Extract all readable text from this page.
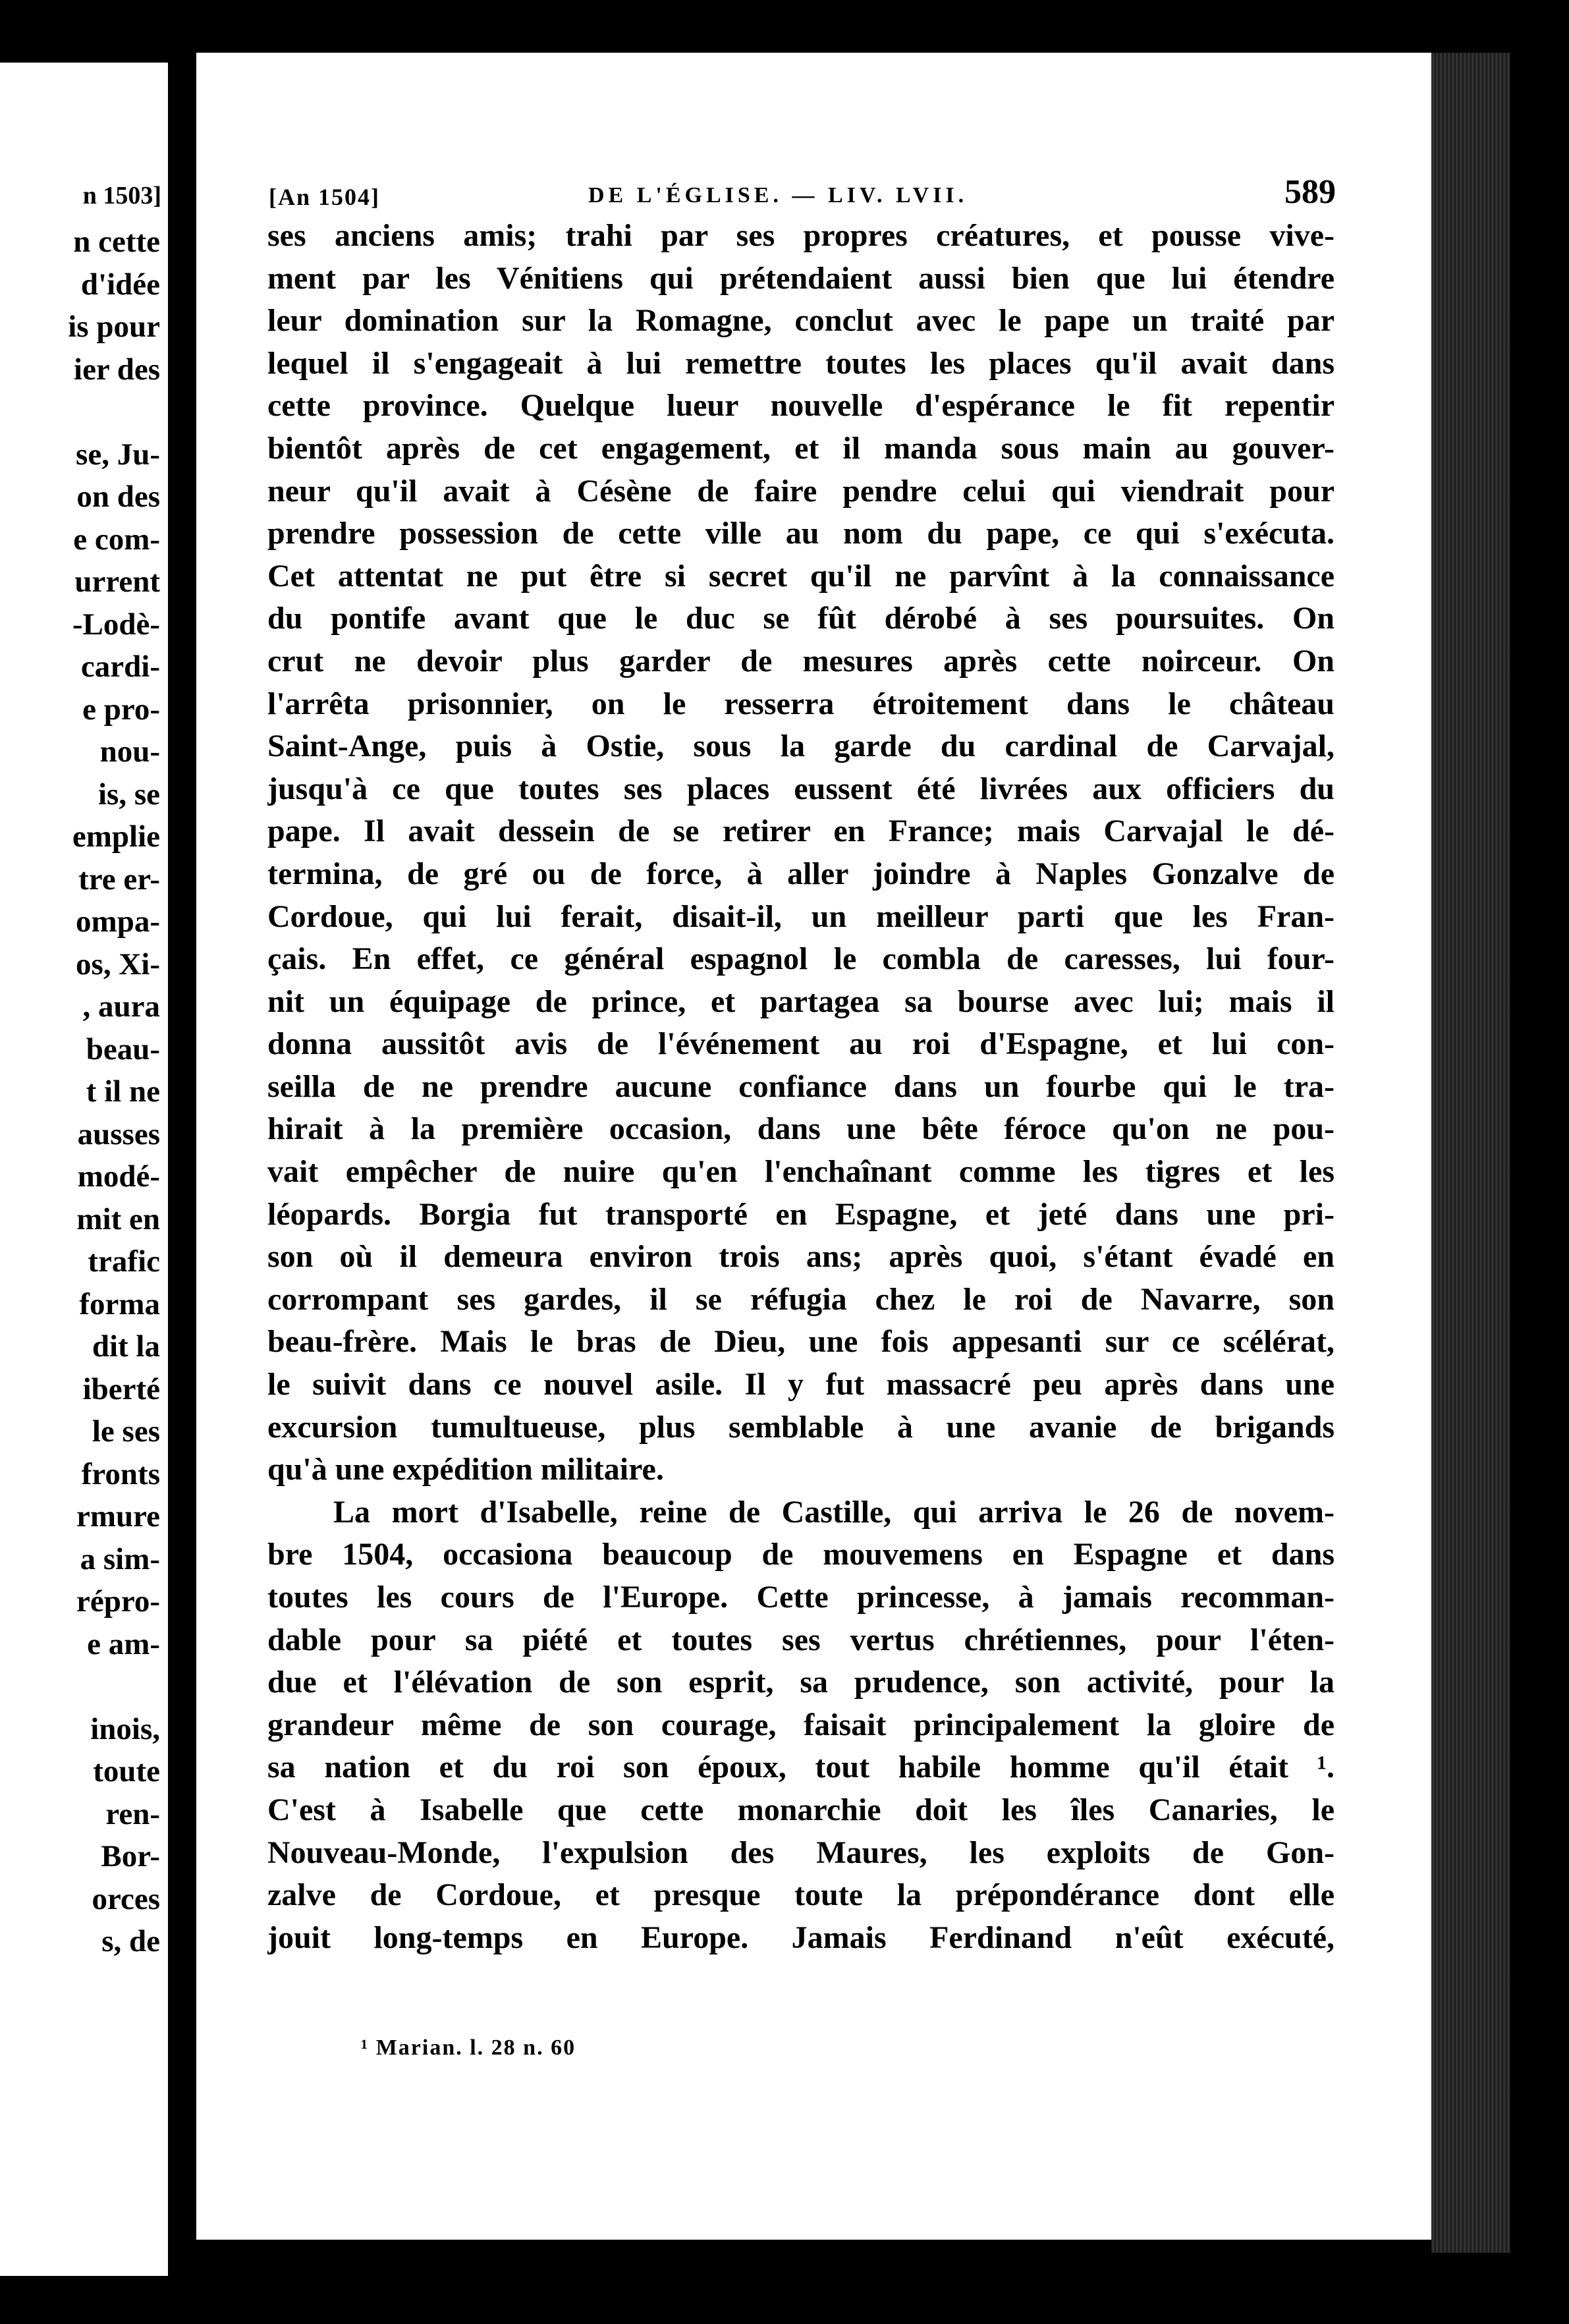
n 1503]
n cette
d'idée
is pour
ier des
se, Ju-
on des
e com-
urrent
-Lodè-
cardi-
e pro-
nou-
is, se
emplie
tre er-
ompa-
os, Xi-
, aura
beau-
t il ne
ausses
modé-
mit en
trafic
forma
dit la
iberté
le ses
fronts
rmure
a sim-
répro-
e am-
inois,
toute
ren-
Bor-
orces
s, de
[An 1504]	DE L'ÉGLISE. — LIV. LVII.	589
ses anciens amis; trahi par ses propres créatures, et pousse vive-
ment par les Vénitiens qui prétendaient aussi bien que lui étendre
leur domination sur la Romagne, conclut avec le pape un traité par
lequel il s'engageait à lui remettre toutes les places qu'il avait dans
cette province. Quelque lueur nouvelle d'espérance le fit repentir
bientôt après de cet engagement, et il manda sous main au gouver-
neur qu'il avait à Césène de faire pendre celui qui viendrait pour
prendre possession de cette ville au nom du pape, ce qui s'exécuta.
Cet attentat ne put être si secret qu'il ne parvînt à la connaissance
du pontife avant que le duc se fût dérobé à ses poursuites. On
crut ne devoir plus garder de mesures après cette noirceur. On
l'arrêta prisonnier, on le resserra étroitement dans le château
Saint-Ange, puis à Ostie, sous la garde du cardinal de Carvajal,
jusqu'à ce que toutes ses places eussent été livrées aux officiers du
pape. Il avait dessein de se retirer en France; mais Carvajal le dé-
termina, de gré ou de force, à aller joindre à Naples Gonzalve de
Cordoue, qui lui ferait, disait-il, un meilleur parti que les Fran-
çais. En effet, ce général espagnol le combla de caresses, lui four-
nit un équipage de prince, et partagea sa bourse avec lui; mais il
donna aussitôt avis de l'événement au roi d'Espagne, et lui con-
seilla de ne prendre aucune confiance dans un fourbe qui le tra-
hirait à la première occasion, dans une bête féroce qu'on ne pou-
vait empêcher de nuire qu'en l'enchaînant comme les tigres et les
léopards. Borgia fut transporté en Espagne, et jeté dans une pri-
son où il demeura environ trois ans; après quoi, s'étant évadé en
corrompant ses gardes, il se réfugia chez le roi de Navarre, son
beau-frère. Mais le bras de Dieu, une fois appesanti sur ce scélérat,
le suivit dans ce nouvel asile. Il y fut massacré peu après dans une
excursion tumultueuse, plus semblable à une avanie de brigands
qu'à une expédition militaire.
La mort d'Isabelle, reine de Castille, qui arriva le 26 de novem-
bre 1504, occasiona beaucoup de mouvemens en Espagne et dans
toutes les cours de l'Europe. Cette princesse, à jamais recomman-
dable pour sa piété et toutes ses vertus chrétiennes, pour l'éten-
due et l'élévation de son esprit, sa prudence, son activité, pour la
grandeur même de son courage, faisait principalement la gloire de
sa nation et du roi son époux, tout habile homme qu'il était ¹.
C'est à Isabelle que cette monarchie doit les îles Canaries, le
Nouveau-Monde, l'expulsion des Maures, les exploits de Gon-
zalve de Cordoue, et presque toute la prépondérance dont elle
jouit long-temps en Europe. Jamais Ferdinand n'eût exécuté,
¹ Marian. l. 28 n. 60
